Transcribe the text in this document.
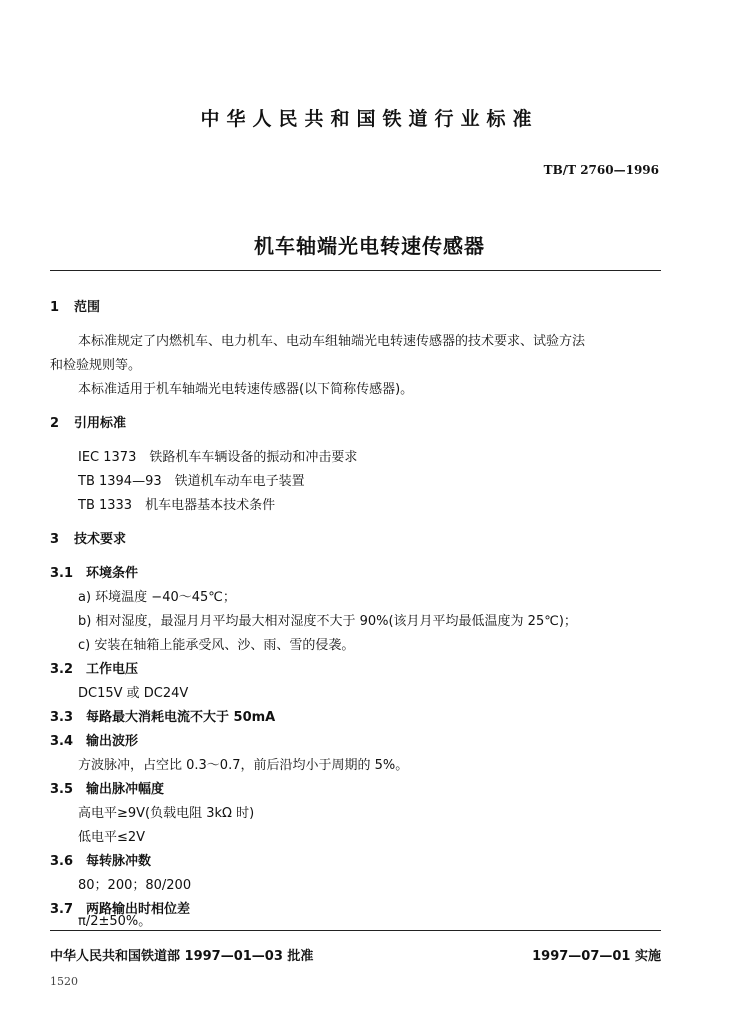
中华人民共和国铁道行业标准
TB/T 2760—1996
机车轴端光电转速传感器
1 范围
本标准规定了内燃机车、电力机车、电动车组轴端光电转速传感器的技术要求、试验方法
和检验规则等。
本标准适用于机车轴端光电转速传感器(以下简称传感器)。
2 引用标准
IEC 1373　铁路机车车辆设备的振动和冲击要求
TB 1394—93　铁道机车动车电子装置
TB 1333　机车电器基本技术条件
3 技术要求
3.1 环境条件
a) 环境温度 −40～45℃；
b) 相对湿度，最湿月月平均最大相对湿度不大于 90%(该月月平均最低温度为 25℃)；
c) 安装在轴箱上能承受风、沙、雨、雪的侵袭。
3.2 工作电压
DC15V 或 DC24V
3.3 每路最大消耗电流不大于 50mA
3.4 输出波形
方波脉冲，占空比 0.3～0.7，前后沿均小于周期的 5%。
3.5 输出脉冲幅度
高电平≥9V(负载电阻 3kΩ 时)
低电平≤2V
3.6 每转脉冲数
80；200；80/200
3.7 两路输出时相位差
π/2±50%。
中华人民共和国铁道部 1997—01—03 批准	1997—07—01 实施
1520
